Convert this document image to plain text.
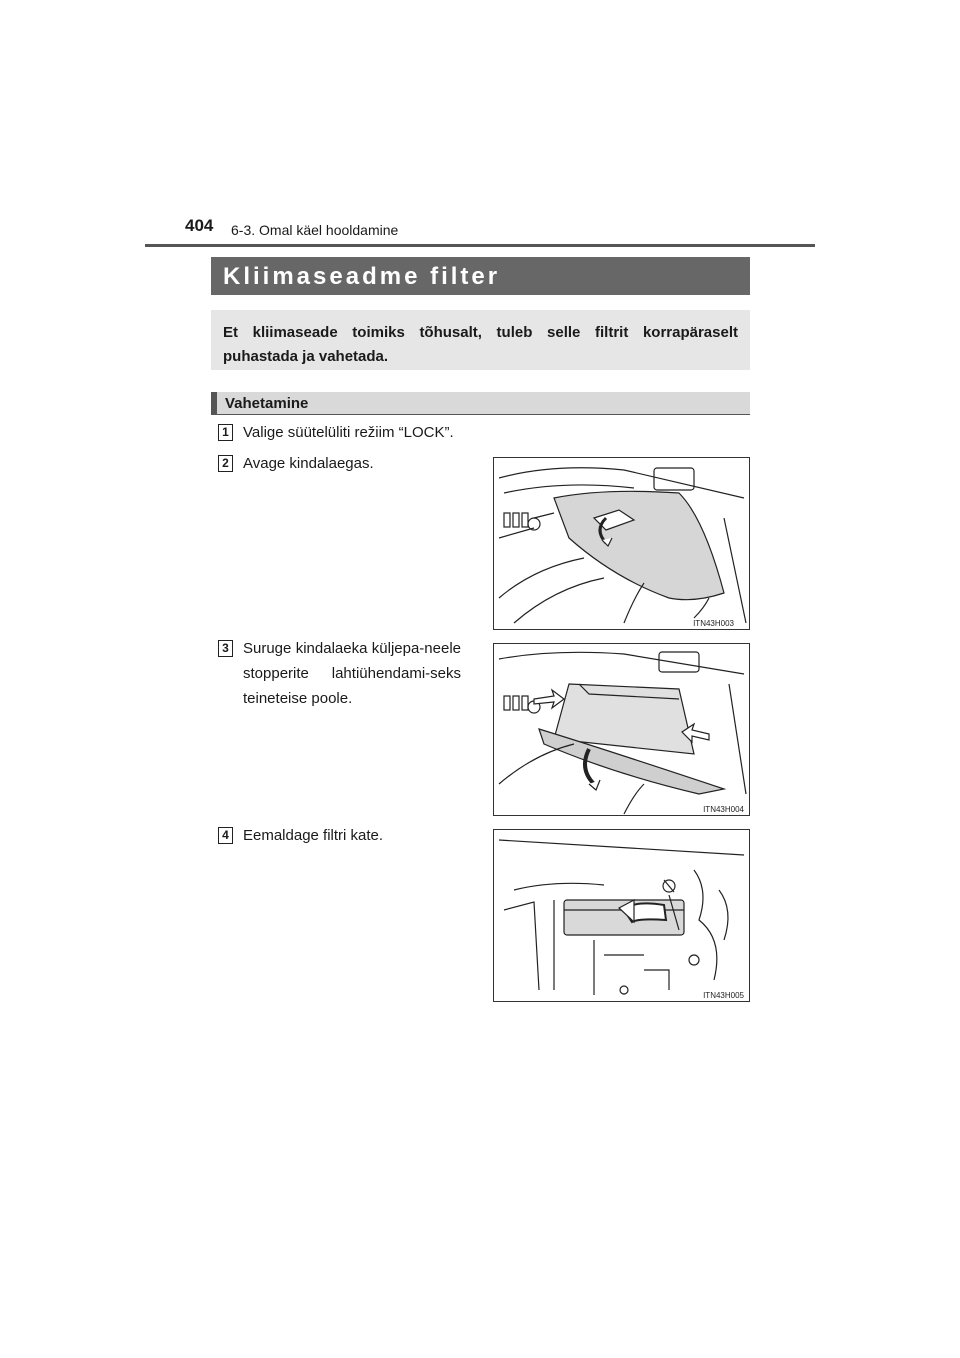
404 6-3. Omal käel hooldamine
Kliimaseadme filter

Et kliimaseade toimiks tõhusalt, tuleb selle filtrit korrapäraselt puhastada ja vahetada.

Vahetamine
1 Valige süütelüliti režiim “LOCK”.
2 Avage kindalaegas.
3 Suruge kindalaeka küljepa-neele stopperite lahtiühendami-seks teineteise poole.
4 Eemaldage filtri kate.
ITN43H003
ITN43H004
ITN43H005
